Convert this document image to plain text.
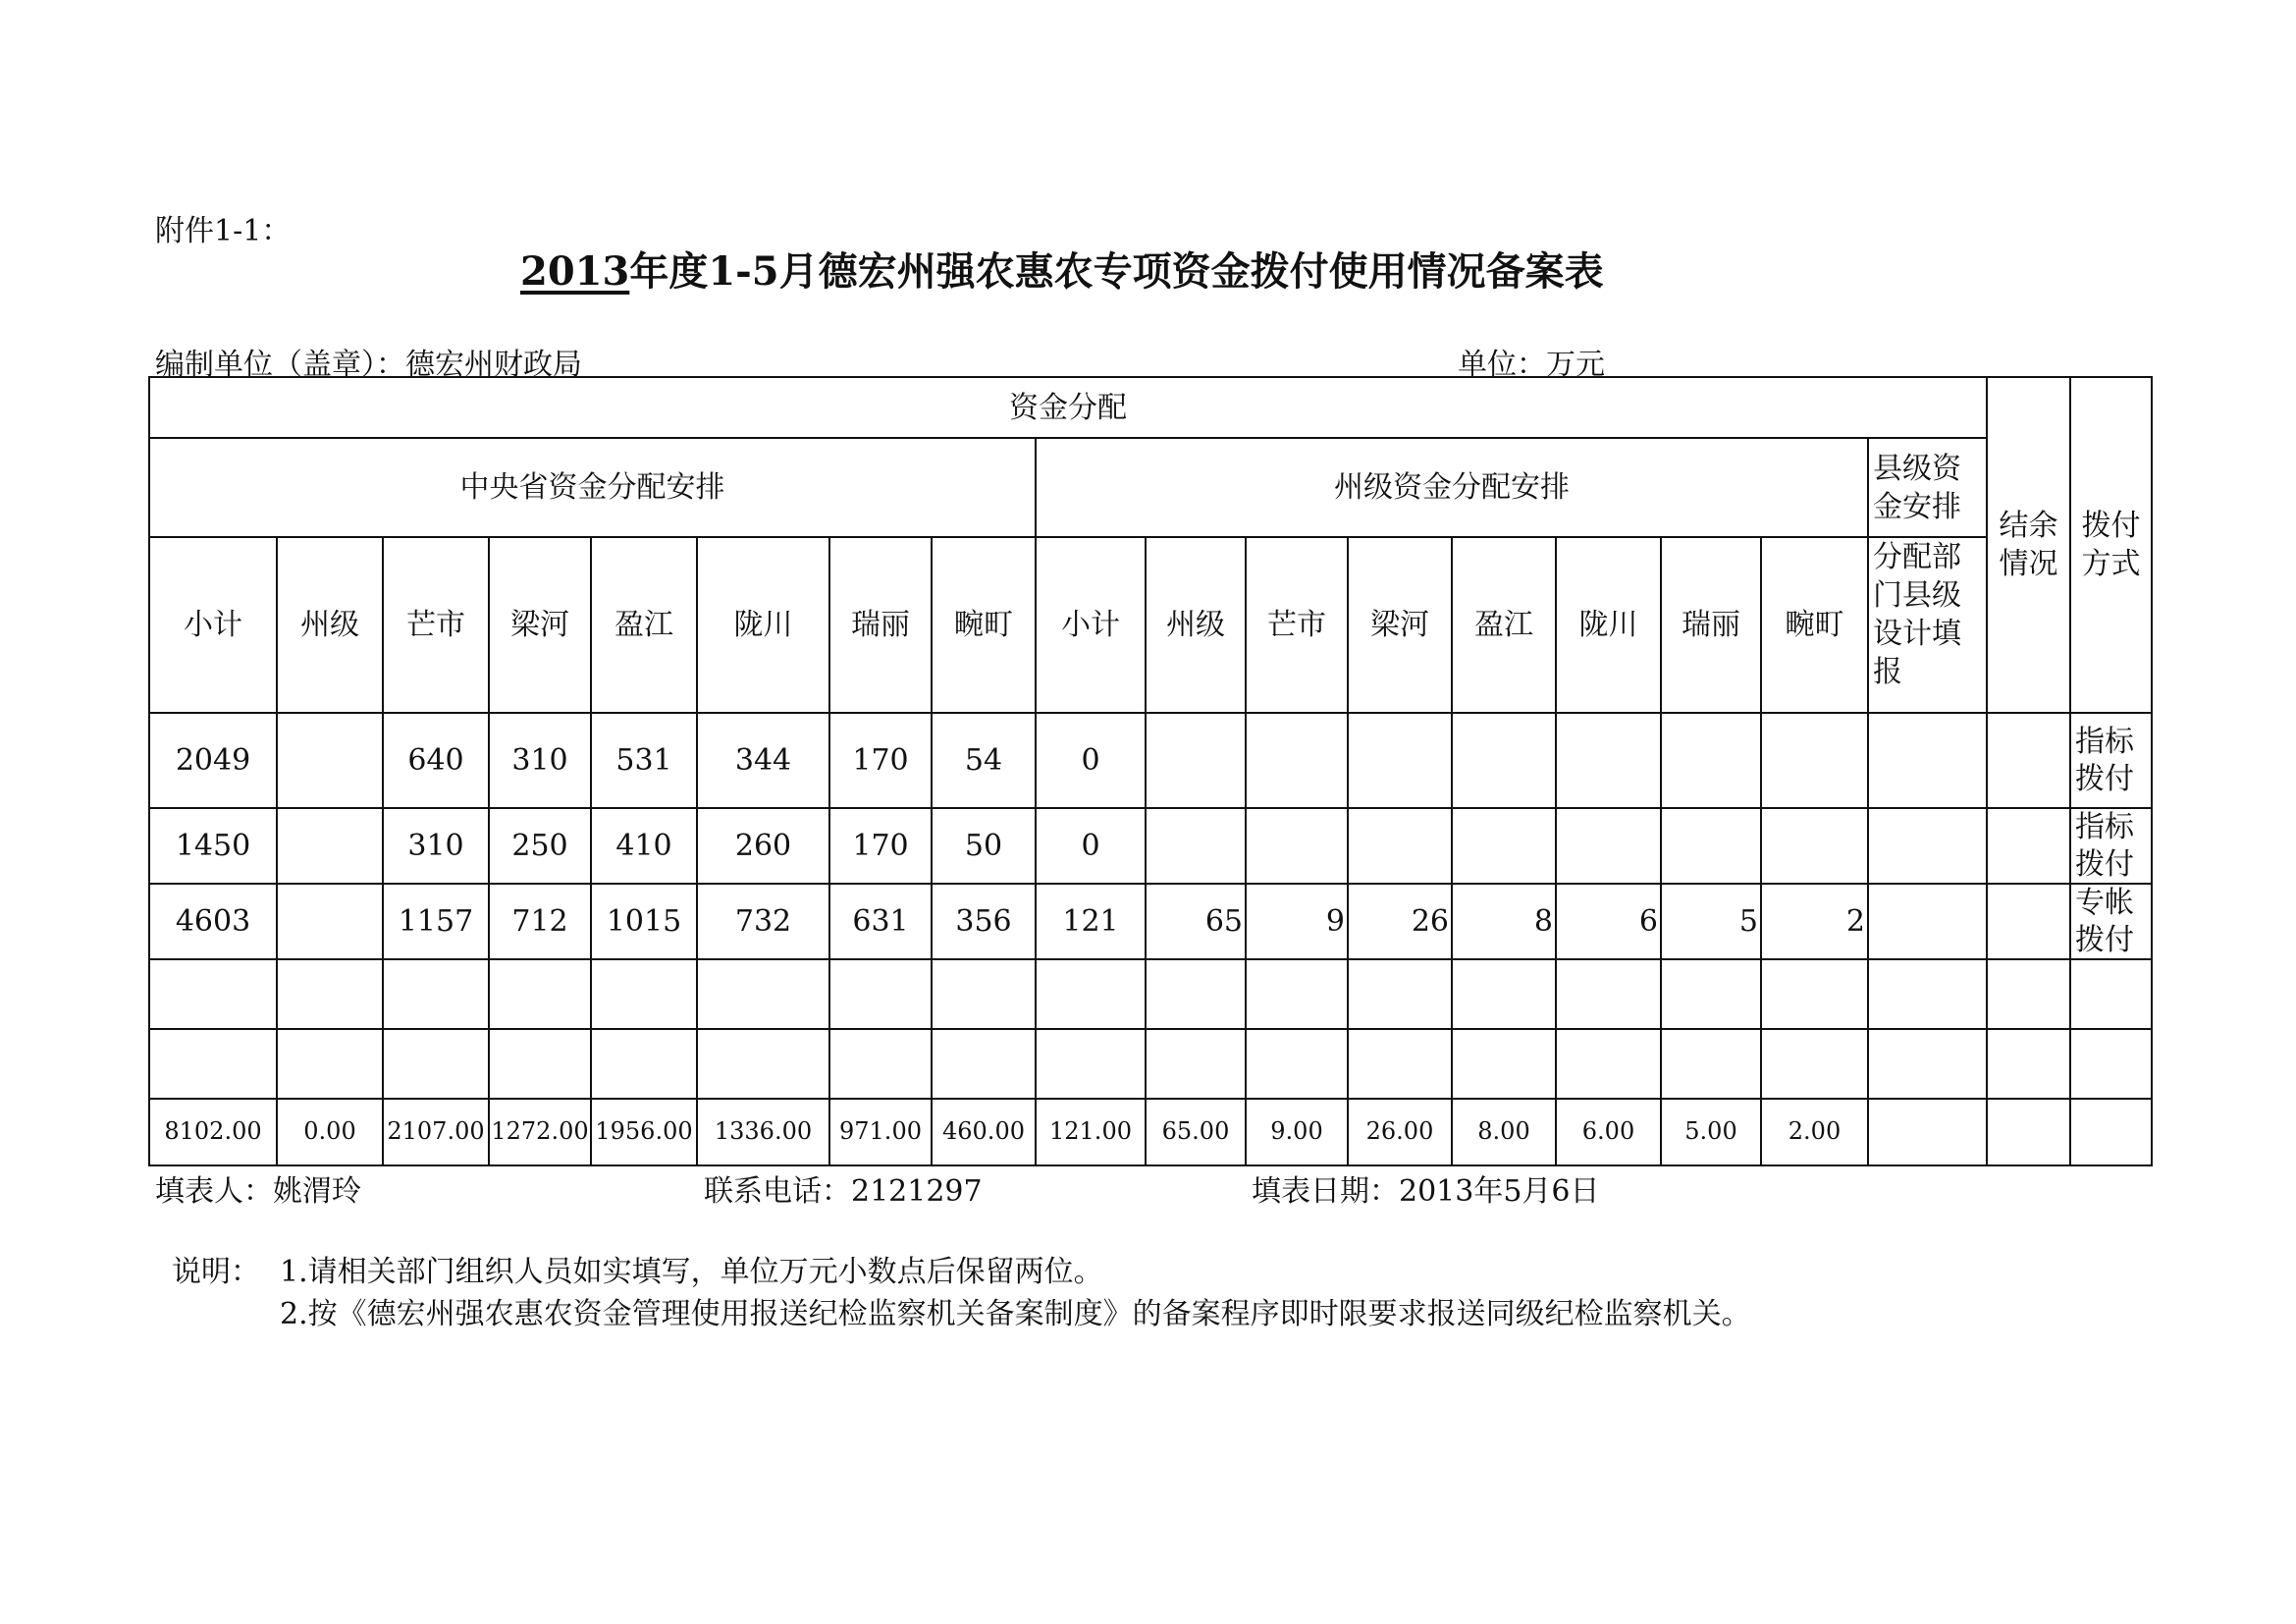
附件1-1：
2013年度1-5月德宏州强农惠农专项资金拨付使用情况备案表
编制单位（盖章）：德宏州财政局	单位：万元
资金分配																	结余情况	拨付方式
中央省资金分配安排								州级资金分配安排								县级资金安排		
小计	州级	芒市	梁河	盈江	陇川	瑞丽	畹町	小计	州级	芒市	梁河	盈江	陇川	瑞丽	畹町	分配部门县级设计填报		
2049		640	310	531	344	170	54	0										指标拨付
1450		310	250	410	260	170	50	0										指标拨付
4603		1157	712	1015	732	631	356	121	65	9	26	8	6	5	2			专帐拨付

8102.00	0.00	2107.00	1272.00	1956.00	1336.00	971.00	460.00	121.00	65.00	9.00	26.00	8.00	6.00	5.00	2.00			
填表人：姚渭玲	联系电话：2121297	填表日期：2013年5月6日
说明： 1.请相关部门组织人员如实填写，单位万元小数点后保留两位。
2.按《德宏州强农惠农资金管理使用报送纪检监察机关备案制度》的备案程序即时限要求报送同级纪检监察机关。
